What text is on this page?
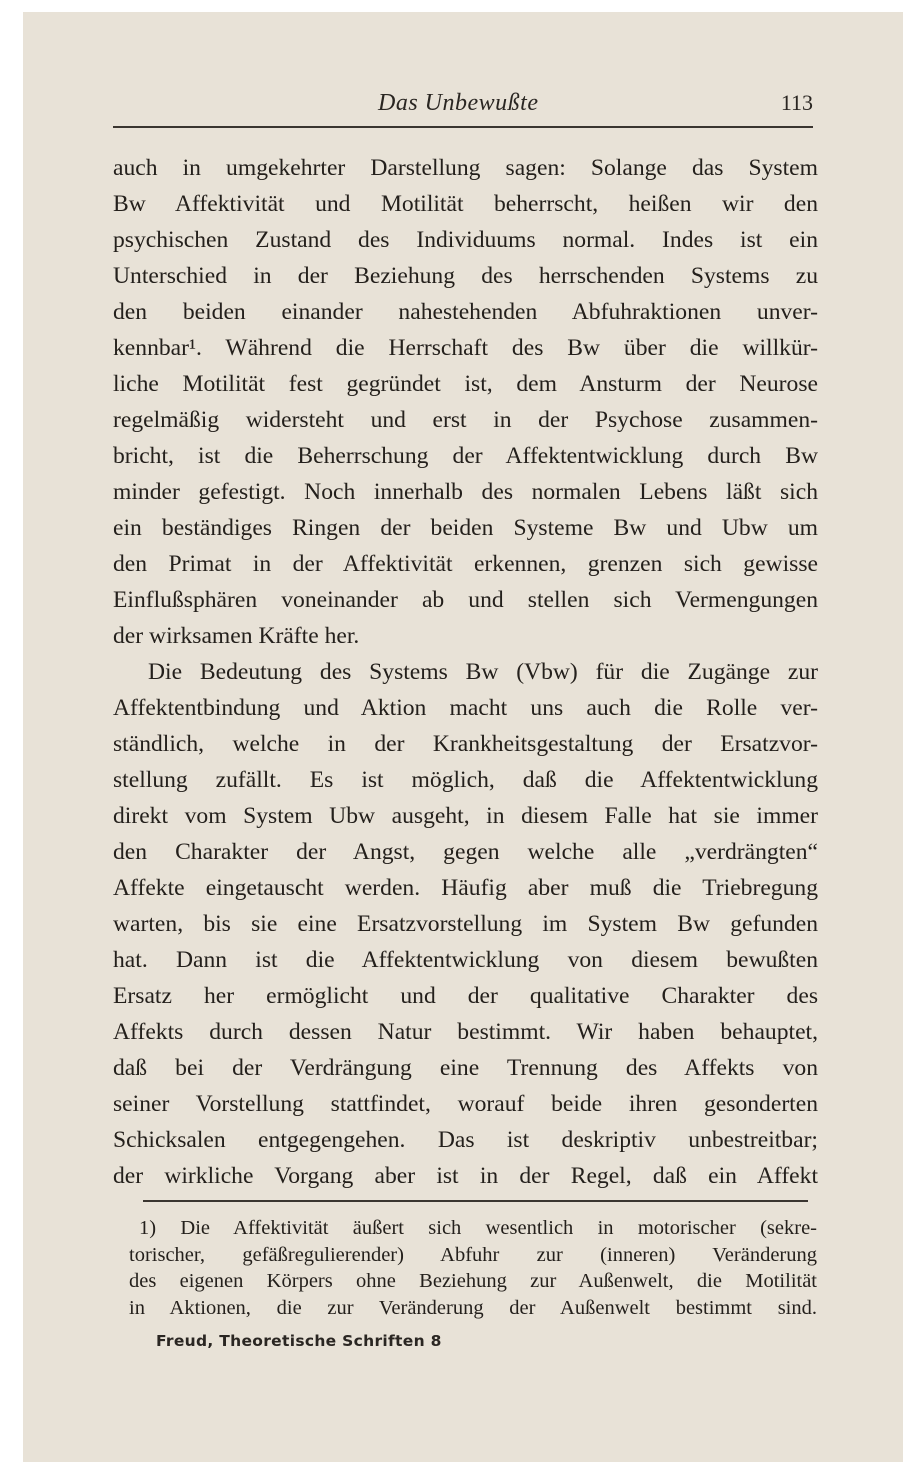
Das Unbewußte	113
auch in umgekehrter Darstellung sagen: Solange das System
Bw Affektivität und Motilität beherrscht, heißen wir den
psychischen Zustand des Individuums normal. Indes ist ein
Unterschied in der Beziehung des herrschenden Systems zu
den beiden einander nahestehenden Abfuhraktionen unver-
kennbar¹. Während die Herrschaft des Bw über die willkür-
liche Motilität fest gegründet ist, dem Ansturm der Neurose
regelmäßig widersteht und erst in der Psychose zusammen-
bricht, ist die Beherrschung der Affektentwicklung durch Bw
minder gefestigt. Noch innerhalb des normalen Lebens läßt sich
ein beständiges Ringen der beiden Systeme Bw und Ubw um
den Primat in der Affektivität erkennen, grenzen sich gewisse
Einflußsphären voneinander ab und stellen sich Vermengungen
der wirksamen Kräfte her.
Die Bedeutung des Systems Bw (Vbw) für die Zugänge zur
Affektentbindung und Aktion macht uns auch die Rolle ver-
ständlich, welche in der Krankheitsgestaltung der Ersatzvor-
stellung zufällt. Es ist möglich, daß die Affektentwicklung
direkt vom System Ubw ausgeht, in diesem Falle hat sie immer
den Charakter der Angst, gegen welche alle „verdrängten“
Affekte eingetauscht werden. Häufig aber muß die Triebregung
warten, bis sie eine Ersatzvorstellung im System Bw gefunden
hat. Dann ist die Affektentwicklung von diesem bewußten
Ersatz her ermöglicht und der qualitative Charakter des
Affekts durch dessen Natur bestimmt. Wir haben behauptet,
daß bei der Verdrängung eine Trennung des Affekts von
seiner Vorstellung stattfindet, worauf beide ihren gesonderten
Schicksalen entgegengehen. Das ist deskriptiv unbestreitbar;
der wirkliche Vorgang aber ist in der Regel, daß ein Affekt
1) Die Affektivität äußert sich wesentlich in motorischer (sekre-
torischer, gefäßregulierender) Abfuhr zur (inneren) Veränderung
des eigenen Körpers ohne Beziehung zur Außenwelt, die Motilität
in Aktionen, die zur Veränderung der Außenwelt bestimmt sind.
Freud, Theoretische Schriften 8
